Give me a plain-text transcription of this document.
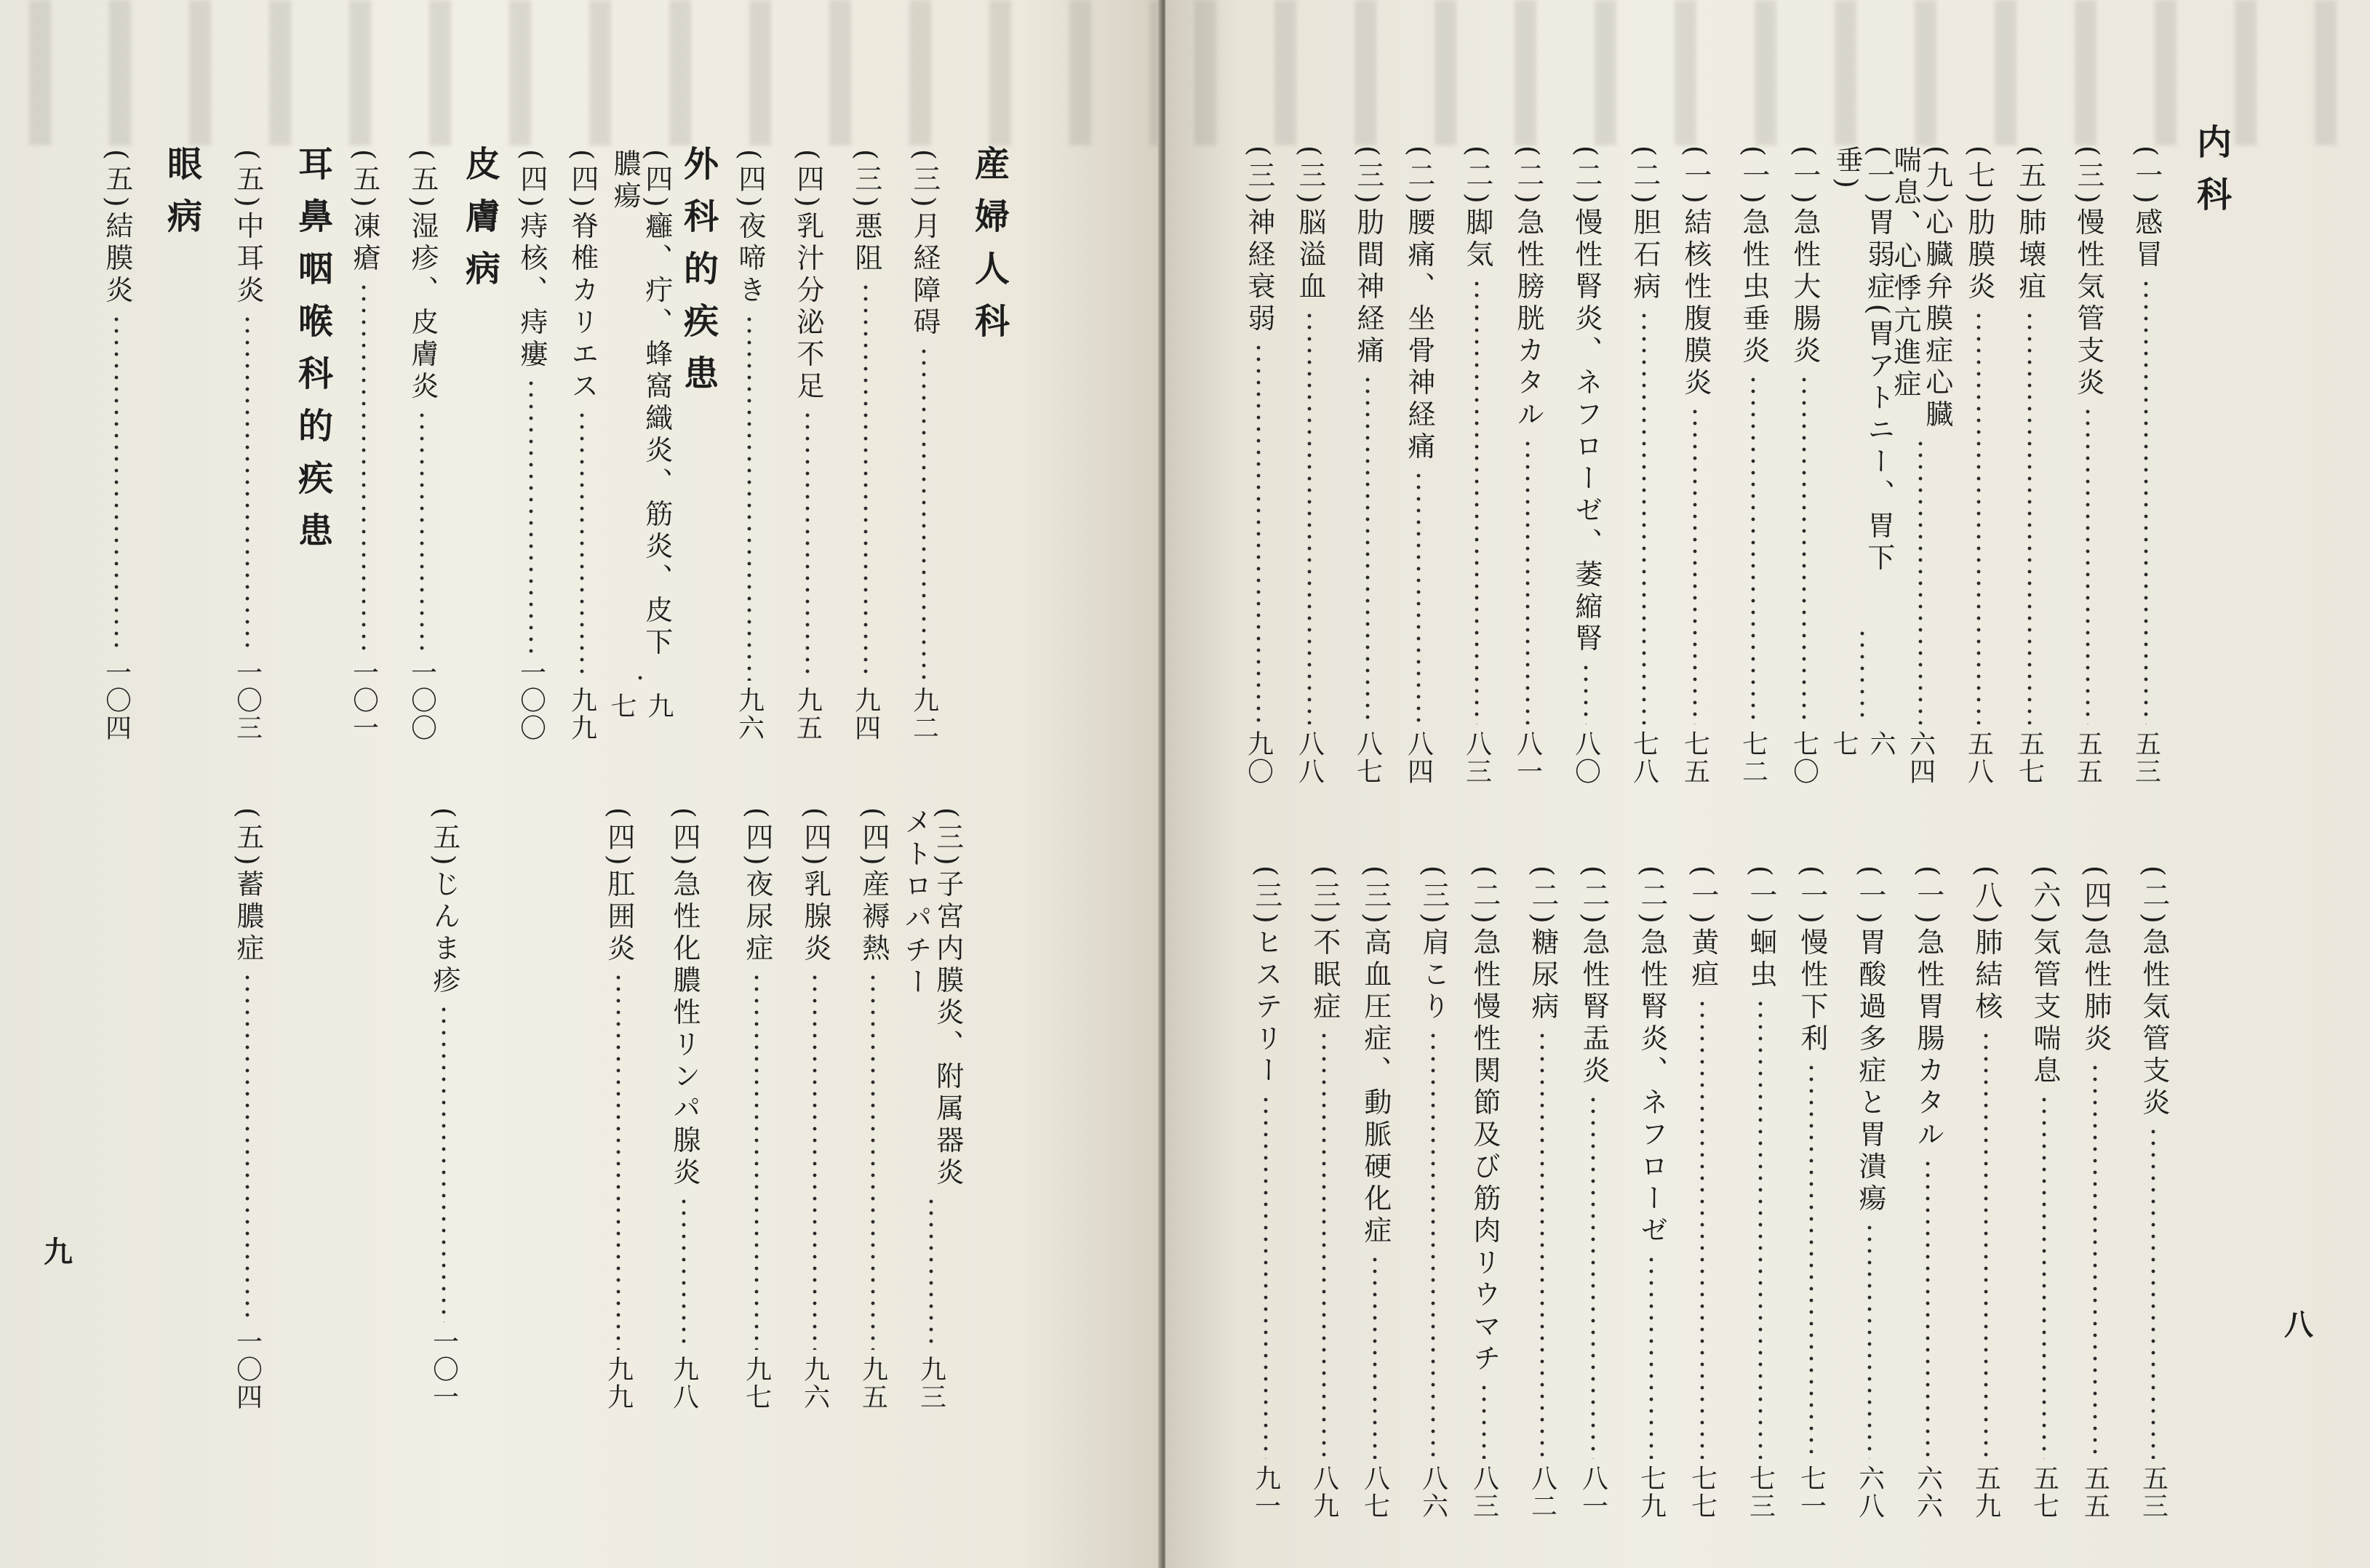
産婦人科
(三)月経障碍
九二
(三)悪阻
九四
(四)乳汁分泌不足
九五
(四)夜啼き
九六
外科的疾患
(四)癰、疔、蜂窩織炎、筋炎、皮下膿瘍
九七
(四)脊椎カリエス
九九
(四)痔核、痔瘻
一〇〇
皮膚病
(五)湿疹、皮膚炎
一〇〇
(五)凍瘡
一〇一
耳鼻咽喉科的疾患
(五)中耳炎
一〇三
眼病
(五)結膜炎
一〇四
(三)子宮内膜炎、附属器炎
メトロパチー
九三
(四)産褥熱
九五
(四)乳腺炎
九六
(四)夜尿症
九七
(四)急性化膿性リンパ腺炎
九八
(四)肛囲炎
九九
(五)じんま疹
一〇一
(五)蓄膿症
一〇四
九
内科
(一)感冒
五三
(三)慢性気管支炎
五五
(五)肺壊疽
五七
(七)肋膜炎
五八
(九)心臓弁膜症心臓
喘息、心悸亢進症
六四
(一)胃弱症(胃アトニー、胃下垂)
六七
(一)急性大腸炎
七〇
(一)急性虫垂炎
七二
(一)結核性腹膜炎
七五
(二)胆石病
七八
(二)慢性腎炎、ネフローゼ、萎縮腎
八〇
(二)急性膀胱カタル
八一
(二)脚気
八三
(二)腰痛、坐骨神経痛
八四
(三)肋間神経痛
八七
(三)脳溢血
八八
(三)神経衰弱
九〇
(二)急性気管支炎
五三
(四)急性肺炎
五五
(六)気管支喘息
五七
(八)肺結核
五九
(一)急性胃腸カタル
六六
(一)胃酸過多症と胃潰瘍
六八
(一)慢性下利
七一
(一)蛔虫
七三
(一)黄疸
七七
(二)急性腎炎、ネフローゼ
七九
(二)急性腎盂炎
八一
(二)糖尿病
八二
(二)急性慢性関節及び筋肉リウマチ
八三
(三)肩こり
八六
(三)高血圧症、動脈硬化症
八七
(三)不眠症
八九
(三)ヒステリー
九一
八
